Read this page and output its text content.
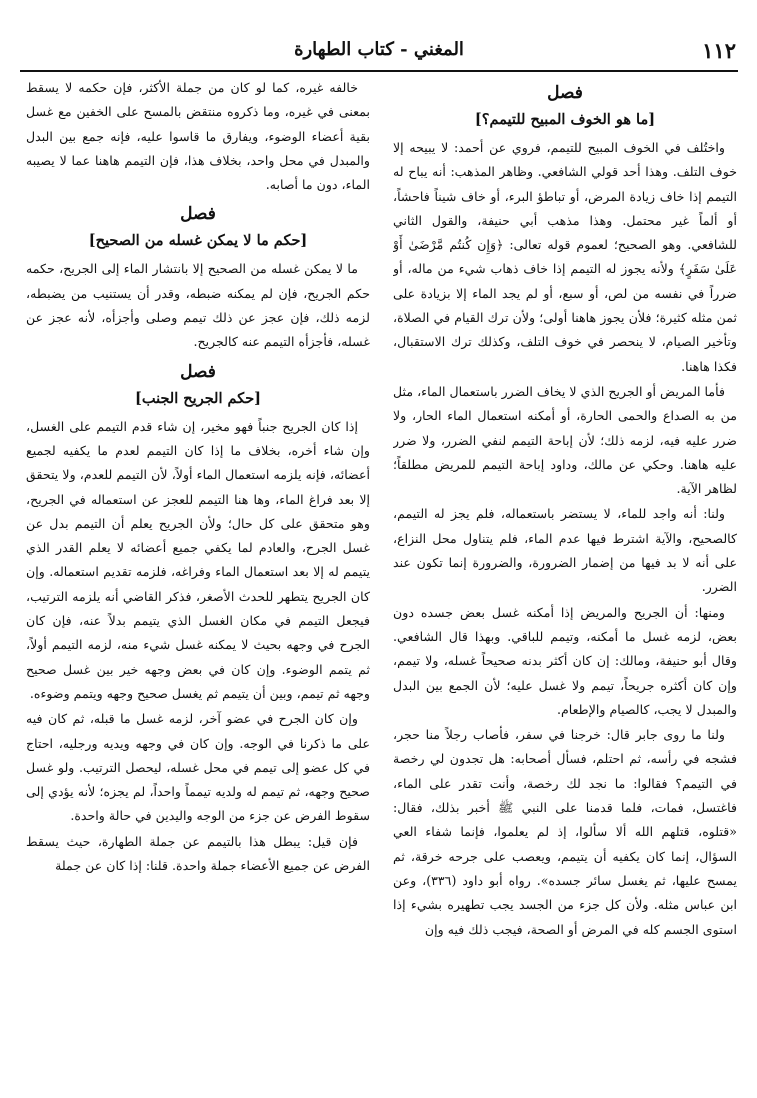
١١٢
المغني - كتاب الطهارة
فصل
[ما هو الخوف المبيح للتيمم؟]

واختُلف في الخوف المبيح للتيمم، فروي عن أحمد: لا يبيحه إلا خوف التلف. وهذا أحد قولي الشافعي. وظاهر المذهب: أنه يباح له التيمم إذا خاف زيادة المرض، أو تباطؤ البرء، أو خاف شيناً فاحشاً، أو ألماً غير محتمل. وهذا مذهب أبي حنيفة، والقول الثاني للشافعي. وهو الصحيح؛ لعموم قوله تعالى: ﴿وَإِن كُنتُم مَّرْضَىٰ أَوْ عَلَىٰ سَفَرٍ﴾ ولأنه يجوز له التيمم إذا خاف ذهاب شيء من ماله، أو ضرراً في نفسه من لص، أو سبع، أو لم يجد الماء إلا بزيادة على ثمن مثله كثيرة؛ فلأن يجوز هاهنا أولى؛ ولأن ترك القيام في الصلاة، وتأخير الصيام، لا ينحصر في خوف التلف، وكذلك ترك الاستقبال، فكذا هاهنا.

فأما المريض أو الجريح الذي لا يخاف الضرر باستعمال الماء، مثل من به الصداع والحمى الحارة، أو أمكنه استعمال الماء الحار، ولا ضرر عليه فيه، لزمه ذلك؛ لأن إباحة التيمم لنفي الضرر، ولا ضرر عليه هاهنا. وحكي عن مالك، وداود إباحة التيمم للمريض مطلقاً؛ لظاهر الآية.

ولنا: أنه واجد للماء، لا يستضر باستعماله، فلم يجز له التيمم، كالصحيح، والآية اشترط فيها عدم الماء، فلم يتناول محل النزاع، على أنه لا بد فيها من إضمار الضرورة، والضرورة إنما تكون عند الضرر.

ومنها: أن الجريح والمريض إذا أمكنه غسل بعض جسده دون بعض، لزمه غسل ما أمكنه، وتيمم للباقي. وبهذا قال الشافعي. وقال أبو حنيفة، ومالك: إن كان أكثر بدنه صحيحاً غسله، ولا تيمم، وإن كان أكثره جريحاً، تيمم ولا غسل عليه؛ لأن الجمع بين البدل والمبدل لا يجب، كالصيام والإطعام.

ولنا ما روى جابر قال: خرجنا في سفر، فأصاب رجلاً منا حجر، فشجه في رأسه، ثم احتلم، فسأل أصحابه: هل تجدون لي رخصة في التيمم؟ فقالوا: ما نجد لك رخصة، وأنت تقدر على الماء، فاغتسل، فمات، فلما قدمنا على النبي ﷺ أخبر بذلك، فقال: «قتلوه، قتلهم الله ألا سألوا، إذ لم يعلموا، فإنما شفاء العي السؤال، إنما كان يكفيه أن يتيمم، ويعصب على جرحه خرقة، ثم يمسح عليها، ثم يغسل سائر جسده». رواه أبو داود (٣٣٦)، وعن ابن عباس مثله. ولأن كل جزء من الجسد يجب تطهيره بشيء إذا استوى الجسم كله في المرض أو الصحة، فيجب ذلك فيه وإن

خالفه غيره، كما لو كان من جملة الأكثر، فإن حكمه لا يسقط بمعنى في غيره، وما ذكروه منتقض بالمسح على الخفين مع غسل بقية أعضاء الوضوء، ويفارق ما قاسوا عليه، فإنه جمع بين البدل والمبدل في محل واحد، بخلاف هذا، فإن التيمم هاهنا عما لا يصيبه الماء، دون ما أصابه.

فصل
[حكم ما لا يمكن غسله من الصحيح]

ما لا يمكن غسله من الصحيح إلا بانتشار الماء إلى الجريح، حكمه حكم الجريح، فإن لم يمكنه ضبطه، وقدر أن يستنيب من يضبطه، لزمه ذلك، فإن عجز عن ذلك تيمم وصلى وأجزأه، لأنه عجز عن غسله، فأجزأه التيمم عنه كالجريح.

فصل
[حكم الجريح الجنب]

إذا كان الجريح جنباً فهو مخير، إن شاء قدم التيمم على الغسل، وإن شاء أخره، بخلاف ما إذا كان التيمم لعدم ما يكفيه لجميع أعضائه، فإنه يلزمه استعمال الماء أولاً، لأن التيمم للعدم، ولا يتحقق إلا بعد فراغ الماء، وها هنا التيمم للعجز عن استعماله في الجريح، وهو متحقق على كل حال؛ ولأن الجريح يعلم أن التيمم بدل عن غسل الجرح، والعادم لما يكفي جميع أعضائه لا يعلم القدر الذي يتيمم له إلا بعد استعمال الماء وفراغه، فلزمه تقديم استعماله. وإن كان الجريح يتطهر للحدث الأصغر، فذكر القاضي أنه يلزمه الترتيب، فيجعل التيمم في مكان الغسل الذي يتيمم بدلاً عنه، فإن كان الجرح في وجهه بحيث لا يمكنه غسل شيء منه، لزمه التيمم أولاً، ثم يتمم الوضوء. وإن كان في بعض وجهه خير بين غسل صحيح وجهه ثم تيمم، وبين أن يتيمم ثم يغسل صحيح وجهه ويتمم وضوءه.

وإن كان الجرح في عضو آخر، لزمه غسل ما قبله، ثم كان فيه على ما ذكرنا في الوجه. وإن كان في وجهه ويديه ورجليه، احتاج في كل عضو إلى تيمم في محل غسله، ليحصل الترتيب. ولو غسل صحيح وجهه، ثم تيمم له ولديه تيمماً واحداً، لم يجزه؛ لأنه يؤدي إلى سقوط الفرض عن جزء من الوجه واليدين في حالة واحدة.

فإن قيل: يبطل هذا بالتيمم عن جملة الطهارة، حيث يسقط الفرض عن جميع الأعضاء جملة واحدة. قلنا: إذا كان عن جملة
